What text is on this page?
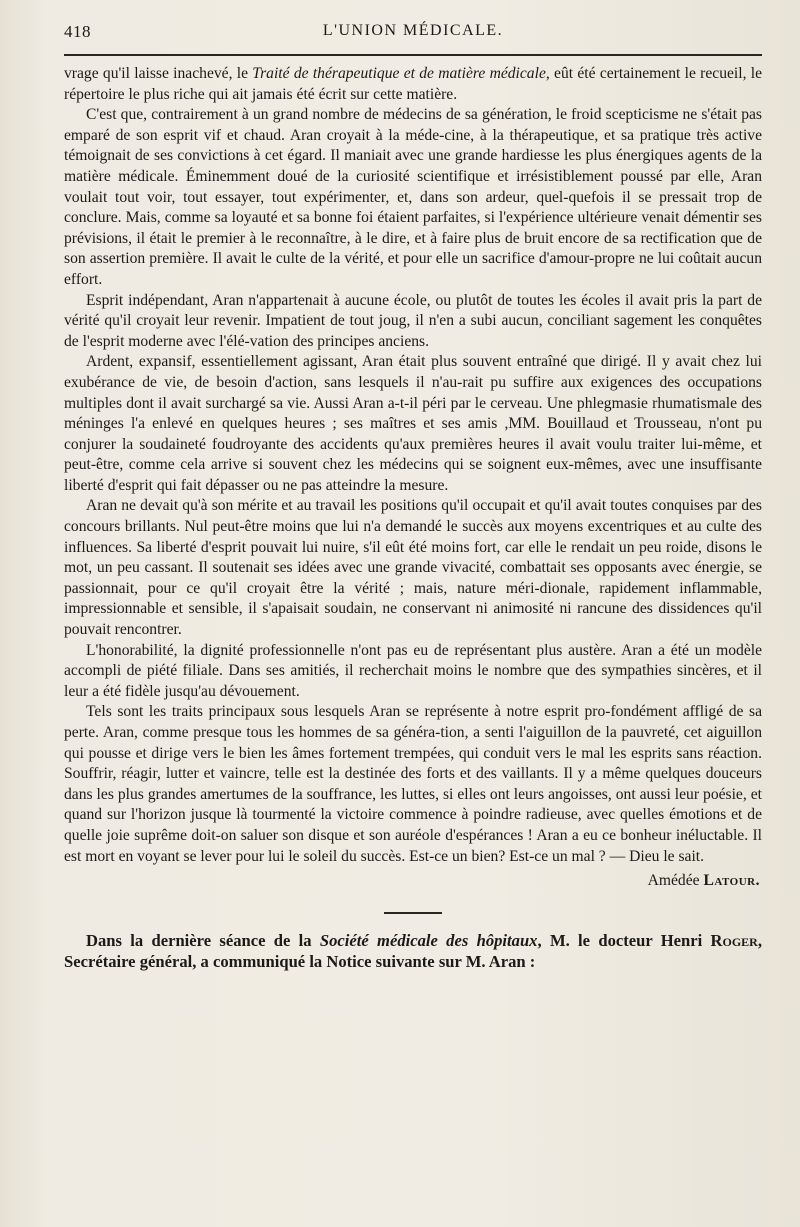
418	L'UNION MÉDICALE.

vrage qu'il laisse inachevé, le Traité de thérapeutique et de matière médicale, eût été certainement le recueil, le répertoire le plus riche qui ait jamais été écrit sur cette matière.

C'est que, contrairement à un grand nombre de médecins de sa génération, le froid scepticisme ne s'était pas emparé de son esprit vif et chaud. Aran croyait à la méde-cine, à la thérapeutique, et sa pratique très active témoignait de ses convictions à cet égard. Il maniait avec une grande hardiesse les plus énergiques agents de la matière médicale. Éminemment doué de la curiosité scientifique et irrésistiblement poussé par elle, Aran voulait tout voir, tout essayer, tout expérimenter, et, dans son ardeur, quel-quefois il se pressait trop de conclure. Mais, comme sa loyauté et sa bonne foi étaient parfaites, si l'expérience ultérieure venait démentir ses prévisions, il était le premier à le reconnaître, à le dire, et à faire plus de bruit encore de sa rectification que de son assertion première. Il avait le culte de la vérité, et pour elle un sacrifice d'amour-propre ne lui coûtait aucun effort.

Esprit indépendant, Aran n'appartenait à aucune école, ou plutôt de toutes les écoles il avait pris la part de vérité qu'il croyait leur revenir. Impatient de tout joug, il n'en a subi aucun, conciliant sagement les conquêtes de l'esprit moderne avec l'élé-vation des principes anciens.

Ardent, expansif, essentiellement agissant, Aran était plus souvent entraîné que dirigé. Il y avait chez lui exubérance de vie, de besoin d'action, sans lesquels il n'au-rait pu suffire aux exigences des occupations multiples dont il avait surchargé sa vie. Aussi Aran a-t-il péri par le cerveau. Une phlegmasie rhumatismale des méninges l'a enlevé en quelques heures ; ses maîtres et ses amis ,MM. Bouillaud et Trousseau, n'ont pu conjurer la soudaineté foudroyante des accidents qu'aux premières heures il avait voulu traiter lui-même, et peut-être, comme cela arrive si souvent chez les médecins qui se soignent eux-mêmes, avec une insuffisante liberté d'esprit qui fait dépasser ou ne pas atteindre la mesure.

Aran ne devait qu'à son mérite et au travail les positions qu'il occupait et qu'il avait toutes conquises par des concours brillants. Nul peut-être moins que lui n'a demandé le succès aux moyens excentriques et au culte des influences. Sa liberté d'esprit pouvait lui nuire, s'il eût été moins fort, car elle le rendait un peu roide, disons le mot, un peu cassant. Il soutenait ses idées avec une grande vivacité, combattait ses opposants avec énergie, se passionnait, pour ce qu'il croyait être la vérité ; mais, nature méri-dionale, rapidement inflammable, impressionnable et sensible, il s'apaisait soudain, ne conservant ni animosité ni rancune des dissidences qu'il pouvait rencontrer.

L'honorabilité, la dignité professionnelle n'ont pas eu de représentant plus austère. Aran a été un modèle accompli de piété filiale. Dans ses amitiés, il recherchait moins le nombre que des sympathies sincères, et il leur a été fidèle jusqu'au dévouement.

Tels sont les traits principaux sous lesquels Aran se représente à notre esprit pro-fondément affligé de sa perte. Aran, comme presque tous les hommes de sa généra-tion, a senti l'aiguillon de la pauvreté, cet aiguillon qui pousse et dirige vers le bien les âmes fortement trempées, qui conduit vers le mal les esprits sans réaction. Souffrir, réagir, lutter et vaincre, telle est la destinée des forts et des vaillants. Il y a même quelques douceurs dans les plus grandes amertumes de la souffrance, les luttes, si elles ont leurs angoisses, ont aussi leur poésie, et quand sur l'horizon jusque là tourmenté la victoire commence à poindre radieuse, avec quelles émotions et de quelle joie suprême doit-on saluer son disque et son auréole d'espérances ! Aran a eu ce bonheur inéluctable. Il est mort en voyant se lever pour lui le soleil du succès. Est-ce un bien? Est-ce un mal ? — Dieu le sait.

Amédée Latour.

Dans la dernière séance de la Société médicale des hôpitaux, M. le docteur Henri Roger, Secrétaire général, a communiqué la Notice suivante sur M. Aran :
